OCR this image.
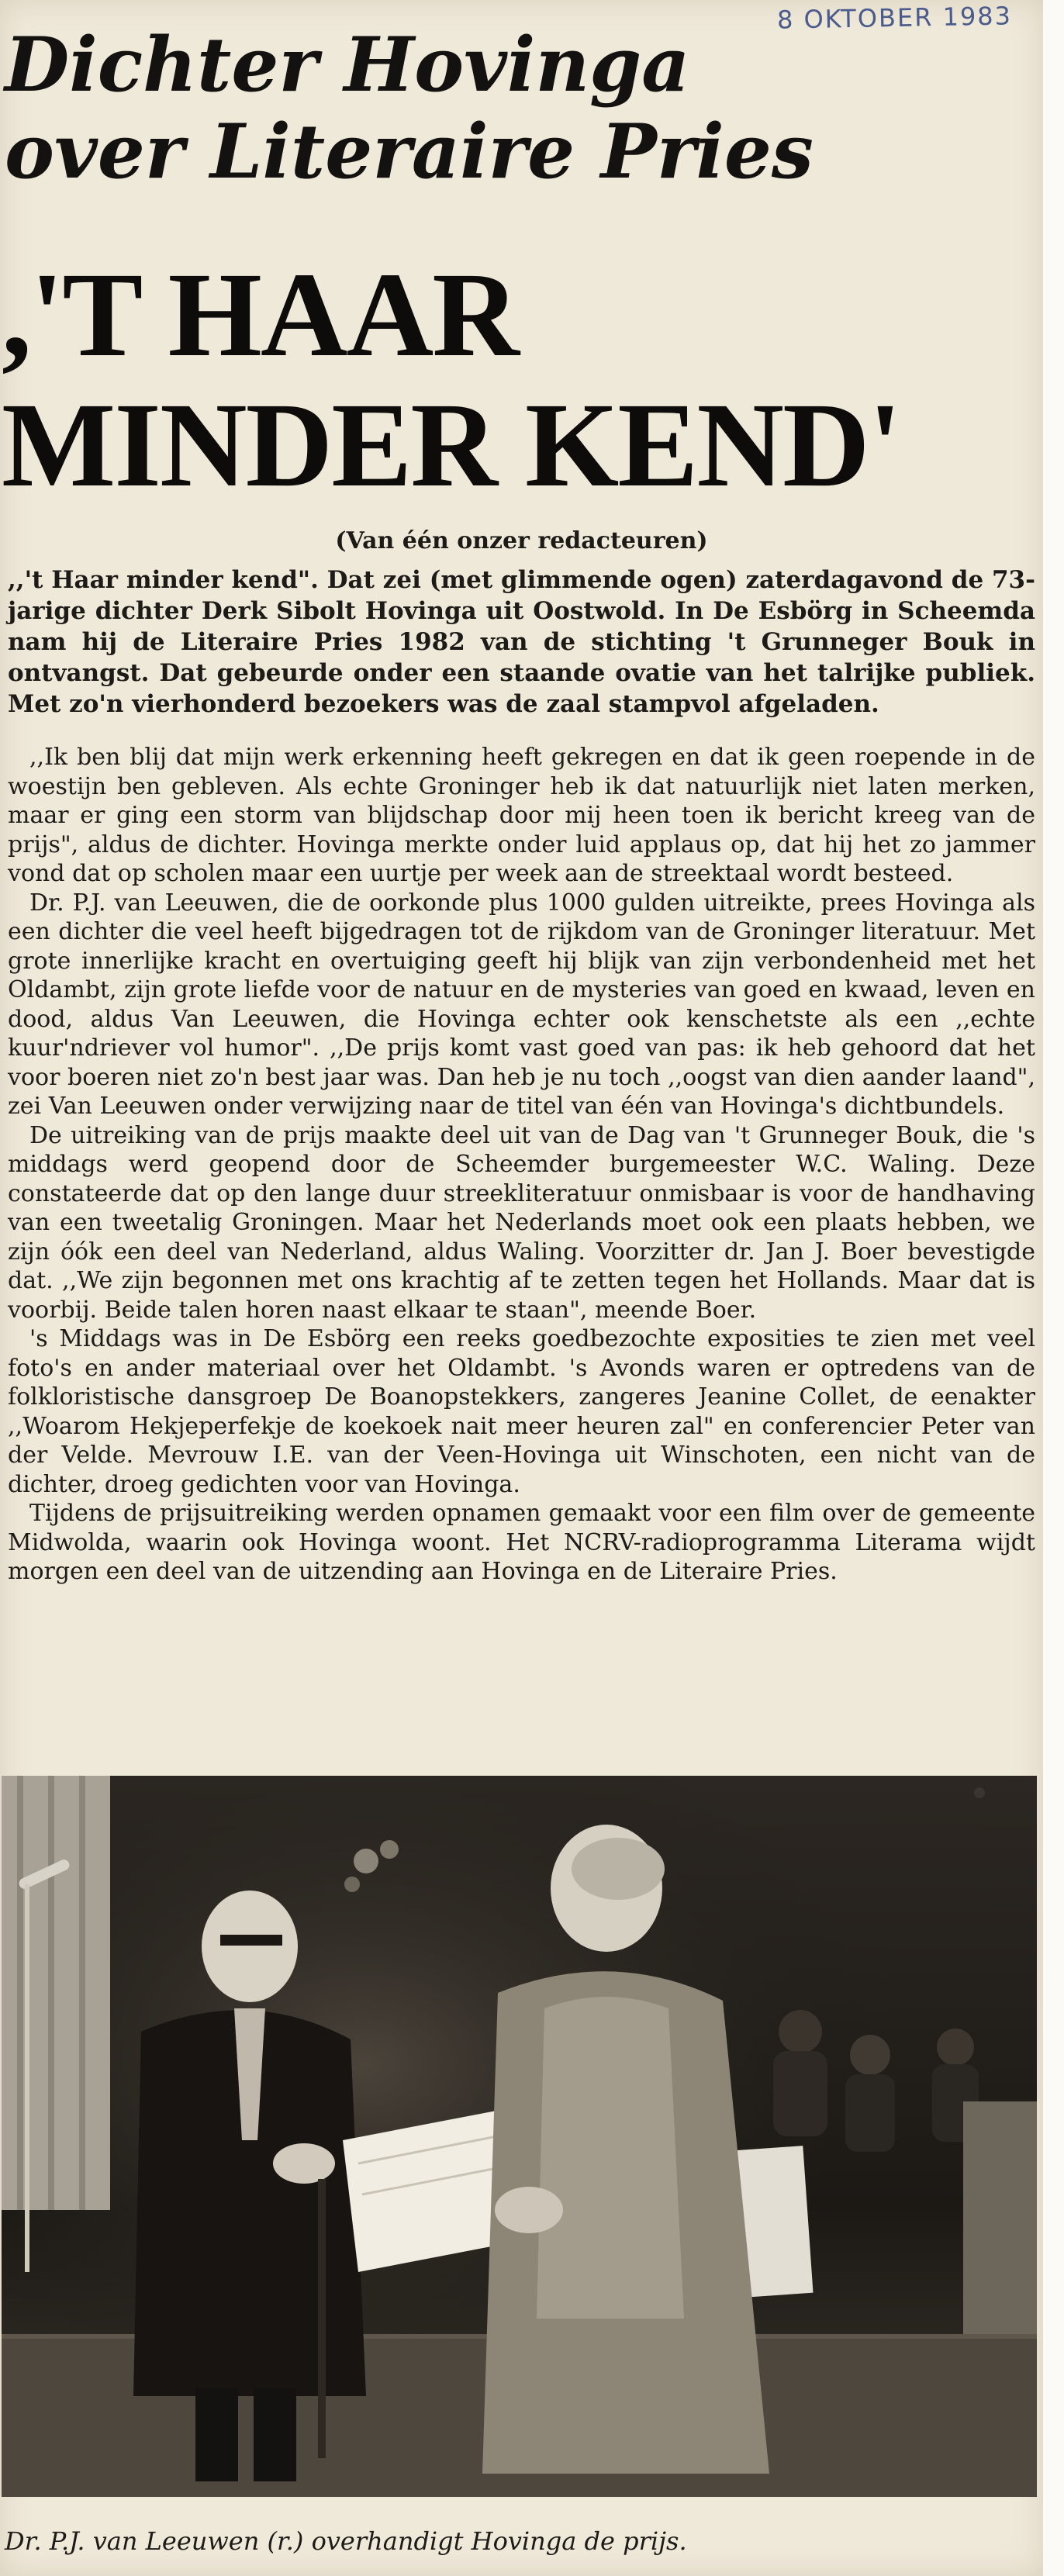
8 OKTOBER 1983
Dichter Hovinga
over Literaire Pries
,'T HAAR
MINDER KEND'
(Van één onzer redacteuren)
,,'t Haar minder kend". Dat zei (met glimmende ogen) zaterdagavond de 73-jarige dichter Derk Sibolt Hovinga uit Oostwold. In De Esbörg in Scheemda nam hij de Literaire Pries 1982 van de stichting 't Grunneger Bouk in ontvangst. Dat gebeurde onder een staande ovatie van het talrijke publiek. Met zo'n vierhonderd bezoekers was de zaal stampvol afgeladen.

,,Ik ben blij dat mijn werk erkenning heeft gekregen en dat ik geen roepende in de woestijn ben gebleven. Als echte Groninger heb ik dat natuurlijk niet laten merken, maar er ging een storm van blijdschap door mij heen toen ik bericht kreeg van de prijs", aldus de dichter. Hovinga merkte onder luid applaus op, dat hij het zo jammer vond dat op scholen maar een uurtje per week aan de streektaal wordt besteed.

Dr. P.J. van Leeuwen, die de oorkonde plus 1000 gulden uitreikte, prees Hovinga als een dichter die veel heeft bijgedragen tot de rijkdom van de Groninger literatuur. Met grote innerlijke kracht en overtuiging geeft hij blijk van zijn verbondenheid met het Oldambt, zijn grote liefde voor de natuur en de mysteries van goed en kwaad, leven en dood, aldus Van Leeuwen, die Hovinga echter ook kenschetste als een ,,echte kuur'ndriever vol humor". ,,De prijs komt vast goed van pas: ik heb gehoord dat het voor boeren niet zo'n best jaar was. Dan heb je nu toch ,,oogst van dien aander laand", zei Van Leeuwen onder verwijzing naar de titel van één van Hovinga's dichtbundels.

De uitreiking van de prijs maakte deel uit van de Dag van 't Grunneger Bouk, die 's middags werd geopend door de Scheemder burgemeester W.C. Waling. Deze constateerde dat op den lange duur streekliteratuur onmisbaar is voor de handhaving van een tweetalig Groningen. Maar het Nederlands moet ook een plaats hebben, we zijn óók een deel van Nederland, aldus Waling. Voorzitter dr. Jan J. Boer bevestigde dat. ,,We zijn begonnen met ons krachtig af te zetten tegen het Hollands. Maar dat is voorbij. Beide talen horen naast elkaar te staan", meende Boer.

's Middags was in De Esbörg een reeks goedbezochte exposities te zien met veel foto's en ander materiaal over het Oldambt. 's Avonds waren er optredens van de folkloristische dansgroep De Boanopstekkers, zangeres Jeanine Collet, de eenakter ,,Woarom Hekjeperfekje de koekoek nait meer heuren zal" en conferencier Peter van der Velde. Mevrouw I.E. van der Veen-Hovinga uit Winschoten, een nicht van de dichter, droeg gedichten voor van Hovinga.

Tijdens de prijsuitreiking werden opnamen gemaakt voor een film over de gemeente Midwolda, waarin ook Hovinga woont. Het NCRV-radioprogramma Literama wijdt morgen een deel van de uitzending aan Hovinga en de Literaire Pries.

Dr. P.J. van Leeuwen (r.) overhandigt Hovinga de prijs.
